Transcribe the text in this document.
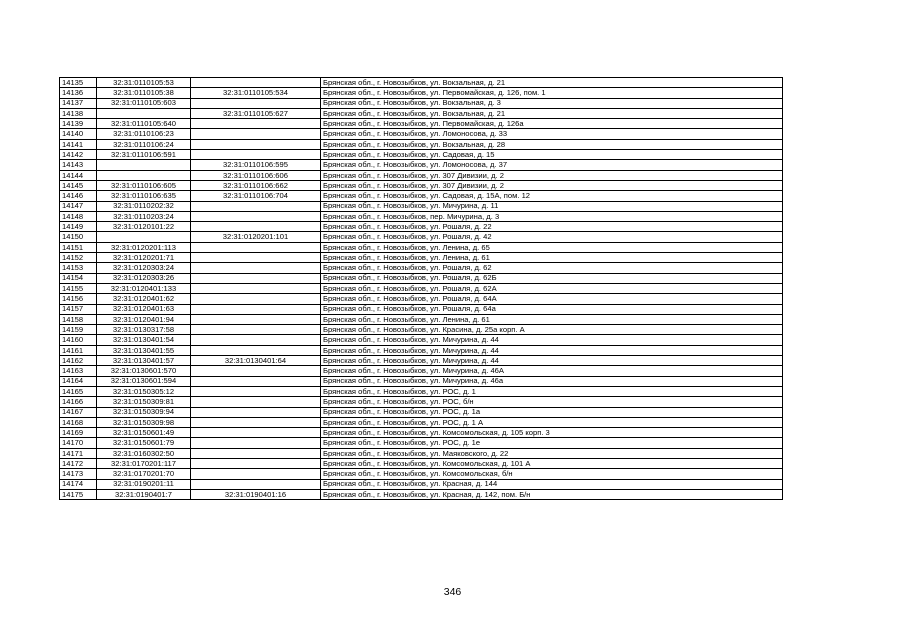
14135	32:31:0110105:53		Брянская обл., г. Новозыбков, ул. Вокзальная, д. 21
14136	32:31:0110105:38	32:31:0110105:534	Брянская обл., г. Новозыбков, ул. Первомайская, д. 126, пом. 1
14137	32:31:0110105:603		Брянская обл., г. Новозыбков, ул. Вокзальная, д. 3
14138		32:31:0110105:627	Брянская обл., г. Новозыбков, ул. Вокзальная, д. 21
14139	32:31:0110105:640		Брянская обл., г. Новозыбков, ул. Первомайская, д. 126а
14140	32:31:0110106:23		Брянская обл., г. Новозыбков, ул. Ломоносова, д. 33
14141	32:31:0110106:24		Брянская обл., г. Новозыбков, ул. Вокзальная, д. 28
14142	32:31:0110106:591		Брянская обл., г. Новозыбков, ул. Садовая, д. 15
14143		32:31:0110106:595	Брянская обл., г. Новозыбков, ул. Ломоносова, д. 37
14144		32:31:0110106:606	Брянская обл., г. Новозыбков, ул. 307 Дивизии, д. 2
14145	32:31:0110106:605	32:31:0110106:662	Брянская обл., г. Новозыбков, ул. 307 Дивизии, д. 2
14146	32:31:0110106:635	32:31:0110106:704	Брянская обл., г. Новозыбков, ул. Садовая, д. 15А, пом. 12
14147	32:31:0110202:32		Брянская обл., г. Новозыбков, ул. Мичурина, д. 11
14148	32:31:0110203:24		Брянская обл., г. Новозыбков, пер. Мичурина, д. 3
14149	32:31:0120101:22		Брянская обл., г. Новозыбков, ул. Рошаля, д. 22
14150		32:31:0120201:101	Брянская обл., г. Новозыбков, ул. Рошаля, д. 42
14151	32:31:0120201:113		Брянская обл., г. Новозыбков, ул. Ленина, д. 65
14152	32:31:0120201:71		Брянская обл., г. Новозыбков, ул. Ленина, д. 61
14153	32:31:0120303:24		Брянская обл., г. Новозыбков, ул. Рошаля, д. 62
14154	32:31:0120303:26		Брянская обл., г. Новозыбков, ул. Рошаля, д. 62Б
14155	32:31:0120401:133		Брянская обл., г. Новозыбков, ул. Рошаля, д. 62А
14156	32:31:0120401:62		Брянская обл., г. Новозыбков, ул. Рошаля, д. 64А
14157	32:31:0120401:63		Брянская обл., г. Новозыбков, ул. Рошаля, д. 64а
14158	32:31:0120401:94		Брянская обл., г. Новозыбков, ул. Ленина, д. 61
14159	32:31:0130317:58		Брянская обл., г. Новозыбков, ул. Красина, д. 25а корп. А
14160	32:31:0130401:54		Брянская обл., г. Новозыбков, ул. Мичурина, д. 44
14161	32:31:0130401:55		Брянская обл., г. Новозыбков, ул. Мичурина, д. 44
14162	32:31:0130401:57	32:31:0130401:64	Брянская обл., г. Новозыбков, ул. Мичурина, д. 44
14163	32:31:0130601:570		Брянская обл., г. Новозыбков, ул. Мичурина, д. 46А
14164	32:31:0130601:594		Брянская обл., г. Новозыбков, ул. Мичурина, д. 46а
14165	32:31:0150305:12		Брянская обл., г. Новозыбков, ул. РОС, д. 1
14166	32:31:0150309:81		Брянская обл., г. Новозыбков, ул. РОС, б/н
14167	32:31:0150309:94		Брянская обл., г. Новозыбков, ул. РОС, д. 1а
14168	32:31:0150309:98		Брянская обл., г. Новозыбков, ул. РОС, д. 1 А
14169	32:31:0150601:49		Брянская обл., г. Новозыбков, ул. Комсомольская, д. 105 корп. 3
14170	32:31:0150601:79		Брянская обл., г. Новозыбков, ул. РОС, д. 1е
14171	32:31:0160302:50		Брянская обл., г. Новозыбков, ул. Маяковского, д. 22
14172	32:31:0170201:117		Брянская обл., г. Новозыбков, ул. Комсомольская, д. 101 А
14173	32:31:0170201:70		Брянская обл., г. Новозыбков, ул. Комсомольская, б/н
14174	32:31:0190201:11		Брянская обл., г. Новозыбков, ул. Красная, д. 144
14175	32:31:0190401:7	32:31:0190401:16	Брянская обл., г. Новозыбков, ул. Красная, д. 142, пом. Б/н
346
